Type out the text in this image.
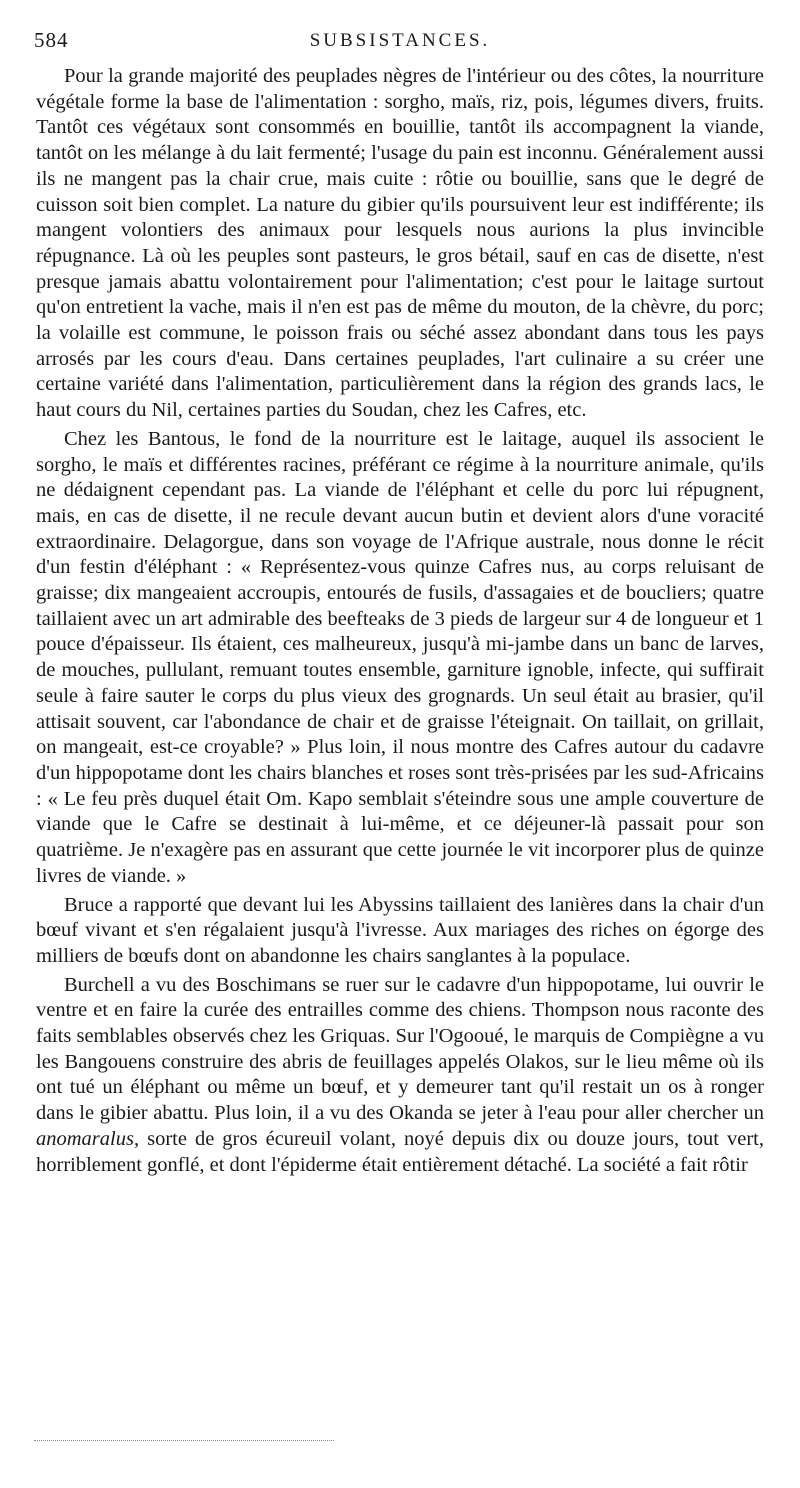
584	SUBSISTANCES.

Pour la grande majorité des peuplades nègres de l'intérieur ou des côtes, la nourriture végétale forme la base de l'alimentation : sorgho, maïs, riz, pois, légumes divers, fruits. Tantôt ces végétaux sont consommés en bouillie, tantôt ils accompagnent la viande, tantôt on les mélange à du lait fermenté; l'usage du pain est inconnu. Généralement aussi ils ne mangent pas la chair crue, mais cuite : rôtie ou bouillie, sans que le degré de cuisson soit bien complet. La nature du gibier qu'ils poursuivent leur est indifférente; ils mangent volontiers des animaux pour lesquels nous aurions la plus invincible répugnance. Là où les peuples sont pasteurs, le gros bétail, sauf en cas de disette, n'est presque jamais abattu volontairement pour l'alimentation; c'est pour le laitage surtout qu'on entretient la vache, mais il n'en est pas de même du mouton, de la chèvre, du porc; la volaille est commune, le poisson frais ou séché assez abondant dans tous les pays arrosés par les cours d'eau. Dans certaines peuplades, l'art culinaire a su créer une certaine variété dans l'alimentation, particulièrement dans la région des grands lacs, le haut cours du Nil, certaines parties du Soudan, chez les Cafres, etc.

Chez les Bantous, le fond de la nourriture est le laitage, auquel ils associent le sorgho, le maïs et différentes racines, préférant ce régime à la nourriture animale, qu'ils ne dédaignent cependant pas. La viande de l'éléphant et celle du porc lui répugnent, mais, en cas de disette, il ne recule devant aucun butin et devient alors d'une voracité extraordinaire. Delagorgue, dans son voyage de l'Afrique australe, nous donne le récit d'un festin d'éléphant : « Représentez-vous quinze Cafres nus, au corps reluisant de graisse; dix mangeaient accroupis, entourés de fusils, d'assagaies et de boucliers; quatre taillaient avec un art admirable des beefteaks de 3 pieds de largeur sur 4 de longueur et 1 pouce d'épaisseur. Ils étaient, ces malheureux, jusqu'à mi-jambe dans un banc de larves, de mouches, pullulant, remuant toutes ensemble, garniture ignoble, infecte, qui suffirait seule à faire sauter le corps du plus vieux des grognards. Un seul était au brasier, qu'il attisait souvent, car l'abondance de chair et de graisse l'éteignait. On taillait, on grillait, on mangeait, est-ce croyable? » Plus loin, il nous montre des Cafres autour du cadavre d'un hippopotame dont les chairs blanches et roses sont très-prisées par les sud-Africains : « Le feu près duquel était Om. Kapo semblait s'éteindre sous une ample couverture de viande que le Cafre se destinait à lui-même, et ce déjeuner-là passait pour son quatrième. Je n'exagère pas en assurant que cette journée le vit incorporer plus de quinze livres de viande. »

Bruce a rapporté que devant lui les Abyssins taillaient des lanières dans la chair d'un bœuf vivant et s'en régalaient jusqu'à l'ivresse. Aux mariages des riches on égorge des milliers de bœufs dont on abandonne les chairs sanglantes à la populace.

Burchell a vu des Boschimans se ruer sur le cadavre d'un hippopotame, lui ouvrir le ventre et en faire la curée des entrailles comme des chiens. Thompson nous raconte des faits semblables observés chez les Griquas. Sur l'Ogooué, le marquis de Compiègne a vu les Bangouens construire des abris de feuillages appelés Olakos, sur le lieu même où ils ont tué un éléphant ou même un bœuf, et y demeurer tant qu'il restait un os à ronger dans le gibier abattu. Plus loin, il a vu des Okanda se jeter à l'eau pour aller chercher un anomaralus, sorte de gros écureuil volant, noyé depuis dix ou douze jours, tout vert, horriblement gonflé, et dont l'épiderme était entièrement détaché. La société a fait rôtir
